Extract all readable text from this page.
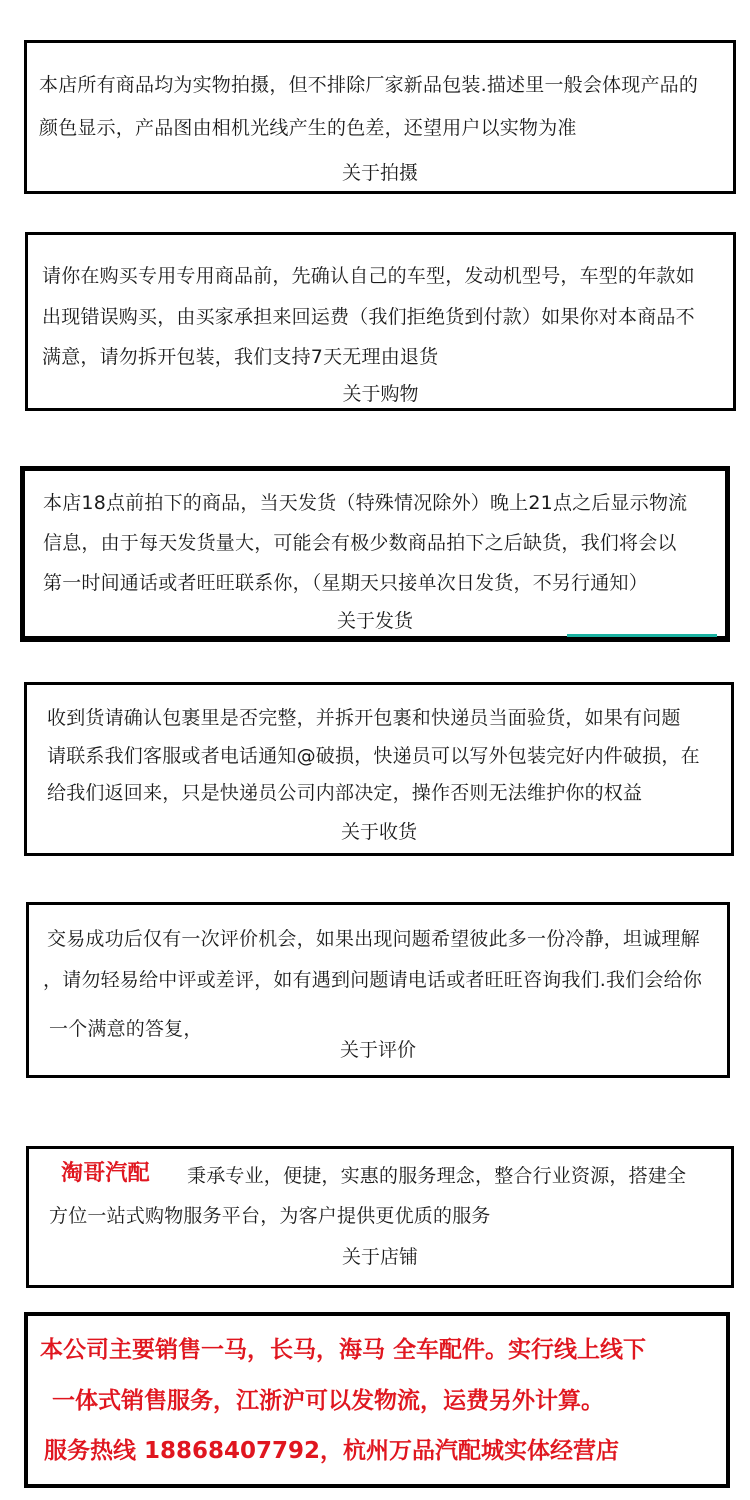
本店所有商品均为实物拍摄，但不排除厂家新品包装.描述里一般会体现产品的
颜色显示，产品图由相机光线产生的色差，还望用户以实物为准
关于拍摄
请你在购买专用专用商品前，先确认自己的车型，发动机型号，车型的年款如
出现错误购买，由买家承担来回运费（我们拒绝货到付款）如果你对本商品不
满意，请勿拆开包装，我们支持7天无理由退货
关于购物
本店18点前拍下的商品，当天发货（特殊情况除外）晚上21点之后显示物流
信息，由于每天发货量大，可能会有极少数商品拍下之后缺货，我们将会以
第一时间通话或者旺旺联系你，（星期天只接单次日发货，不另行通知）
关于发货
收到货请确认包裹里是否完整，并拆开包裹和快递员当面验货，如果有问题
请联系我们客服或者电话通知@破损，快递员可以写外包装完好内件破损，在
给我们返回来，只是快递员公司内部决定，操作否则无法维护你的权益
关于收货
交易成功后仅有一次评价机会，如果出现问题希望彼此多一份冷静，坦诚理解
，请勿轻易给中评或差评，如有遇到问题请电话或者旺旺咨询我们.我们会给你
一个满意的答复，
关于评价
淘哥汽配 秉承专业，便捷，实惠的服务理念，整合行业资源，搭建全
方位一站式购物服务平台，为客户提供更优质的服务
关于店铺
本公司主要销售一马，长马，海马 全车配件。实行线上线下
一体式销售服务，江浙沪可以发物流，运费另外计算。
服务热线 18868407792，杭州万品汽配城实体经营店
